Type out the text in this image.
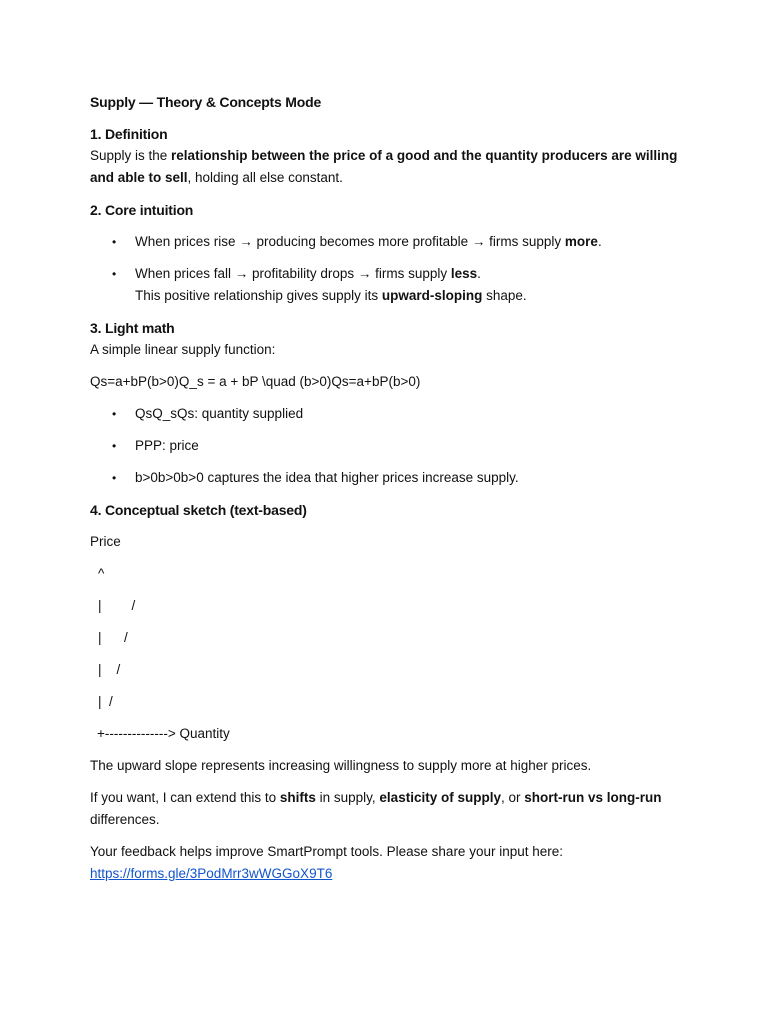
Supply — Theory & Concepts Mode
1. Definition
Supply is the relationship between the price of a good and the quantity producers are willing
and able to sell, holding all else constant.
2. Core intuition
• When prices rise → producing becomes more profitable → firms supply more.
• When prices fall → profitability drops → firms supply less.
This positive relationship gives supply its upward-sloping shape.
3. Light math
A simple linear supply function:
Qs=a+bP(b>0)Q_s = a + bP \quad (b>0)Qs=a+bP(b>0)
• QsQ_sQs: quantity supplied
• PPP: price
• b>0b>0b>0 captures the idea that higher prices increase supply.
4. Conceptual sketch (text-based)
Price
^
|        /
|      /
|    /
|  /
+--------------> Quantity
The upward slope represents increasing willingness to supply more at higher prices.
If you want, I can extend this to shifts in supply, elasticity of supply, or short-run vs long-run
differences.
Your feedback helps improve SmartPrompt tools. Please share your input here:
https://forms.gle/3PodMrr3wWGGoX9T6
